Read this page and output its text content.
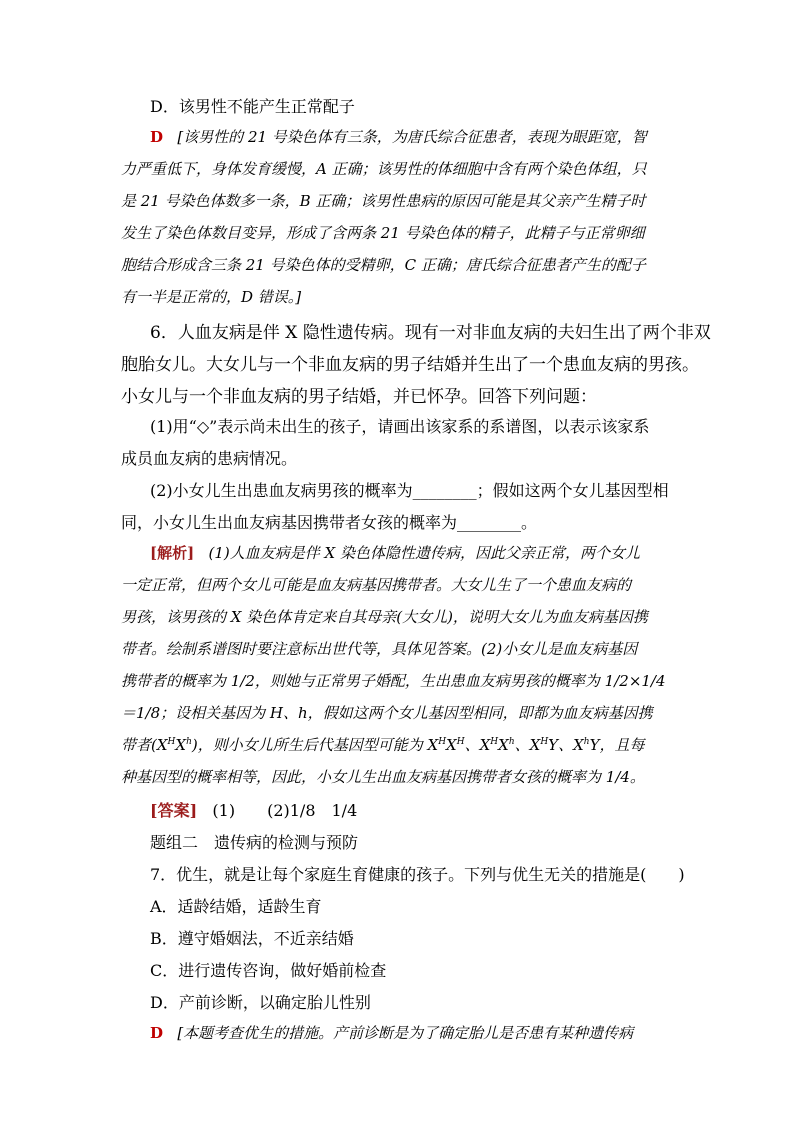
D．该男性不能产生正常配子
D [该男性的 21 号染色体有三条，为唐氏综合征患者，表现为眼距宽，智
力严重低下，身体发育缓慢，A 正确；该男性的体细胞中含有两个染色体组，只
是 21 号染色体数多一条，B 正确；该男性患病的原因可能是其父亲产生精子时
发生了染色体数目变异，形成了含两条 21 号染色体的精子，此精子与正常卵细
胞结合形成含三条 21 号染色体的受精卵，C 正确；唐氏综合征患者产生的配子
有一半是正常的，D 错误。]
6．人血友病是伴 X 隐性遗传病。现有一对非血友病的夫妇生出了两个非双
胞胎女儿。大女儿与一个非血友病的男子结婚并生出了一个患血友病的男孩。
小女儿与一个非血友病的男子结婚，并已怀孕。回答下列问题：
(1)用“◇”表示尚未出生的孩子，请画出该家系的系谱图，以表示该家系
成员血友病的患病情况。
(2)小女儿生出患血友病男孩的概率为________；假如这两个女儿基因型相
同，小女儿生出血友病基因携带者女孩的概率为________。
[解析] (1)人血友病是伴 X 染色体隐性遗传病，因此父亲正常，两个女儿
一定正常，但两个女儿可能是血友病基因携带者。大女儿生了一个患血友病的
男孩，该男孩的 X 染色体肯定来自其母亲(大女儿)，说明大女儿为血友病基因携
带者。绘制系谱图时要注意标出世代等，具体见答案。(2)小女儿是血友病基因
携带者的概率为 1/2，则她与正常男子婚配，生出患血友病男孩的概率为 1/2×1/4
＝1/8；设相关基因为 H、h，假如这两个女儿基因型相同，即都为血友病基因携
带者$(X^HX^h)$，则小女儿所生后代基因型可能为 $X^HX^H$、$X^HX^h$、$X^HY$、$X^hY$，且每
种基因型的概率相等，因此，小女儿生出血友病基因携带者女孩的概率为 1/4。
[答案] (1)　　(2)1/8　1/4
题组二　遗传病的检测与预防
7．优生，就是让每个家庭生育健康的孩子。下列与优生无关的措施是(　　)
A．适龄结婚，适龄生育
B．遵守婚姻法，不近亲结婚
C．进行遗传咨询，做好婚前检查
D．产前诊断，以确定胎儿性别
D [本题考查优生的措施。产前诊断是为了确定胎儿是否患有某种遗传病
